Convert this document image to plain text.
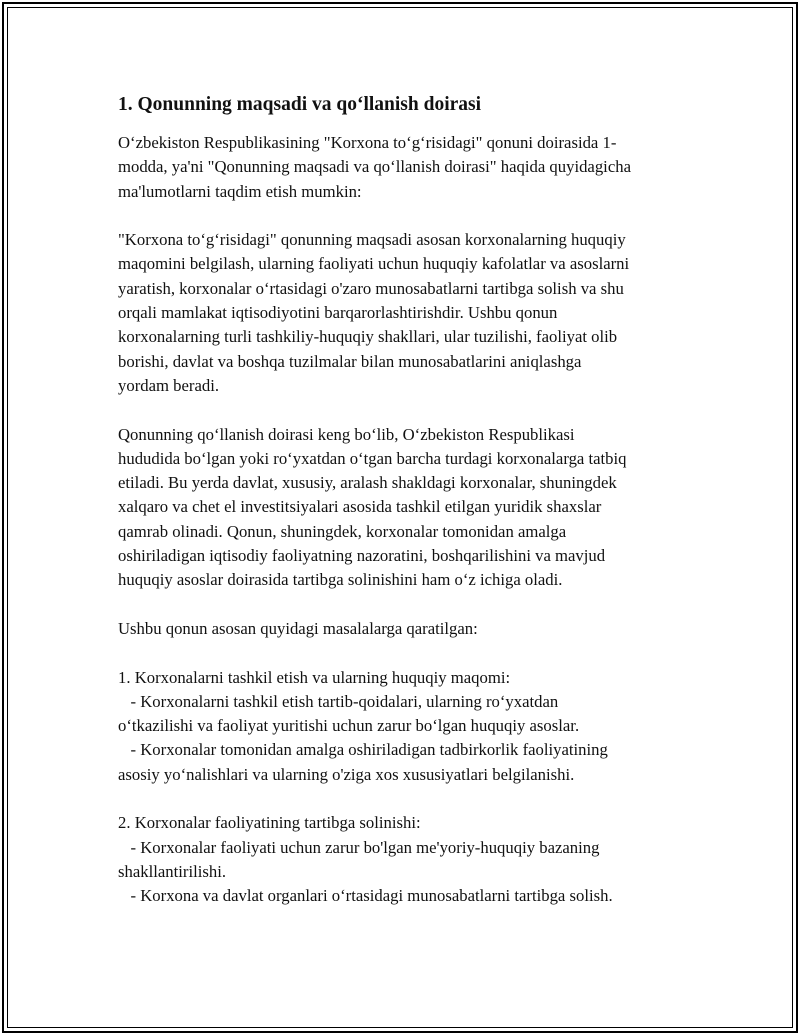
1. Qonunning maqsadi va qo‘llanish doirasi
O‘zbekiston Respublikasining "Korxona to‘g‘risidagi" qonuni doirasida 1-
modda, ya'ni "Qonunning maqsadi va qo‘llanish doirasi" haqida quyidagicha
ma'lumotlarni taqdim etish mumkin:
"Korxona to‘g‘risidagi" qonunning maqsadi asosan korxonalarning huquqiy
maqomini belgilash, ularning faoliyati uchun huquqiy kafolatlar va asoslarni
yaratish, korxonalar o‘rtasidagi o'zaro munosabatlarni tartibga solish va shu
orqali mamlakat iqtisodiyotini barqarorlashtirishdir. Ushbu qonun
korxonalarning turli tashkiliy-huquqiy shakllari, ular tuzilishi, faoliyat olib
borishi, davlat va boshqa tuzilmalar bilan munosabatlarini aniqlashga
yordam beradi.
Qonunning qo‘llanish doirasi keng bo‘lib, O‘zbekiston Respublikasi
hududida bo‘lgan yoki ro‘yxatdan o‘tgan barcha turdagi korxonalarga tatbiq
etiladi. Bu yerda davlat, xususiy, aralash shakldagi korxonalar, shuningdek
xalqaro va chet el investitsiyalari asosida tashkil etilgan yuridik shaxslar
qamrab olinadi. Qonun, shuningdek, korxonalar tomonidan amalga
oshiriladigan iqtisodiy faoliyatning nazoratini, boshqarilishini va mavjud
huquqiy asoslar doirasida tartibga solinishini ham o‘z ichiga oladi.
Ushbu qonun asosan quyidagi masalalarga qaratilgan:
1. Korxonalarni tashkil etish va ularning huquqiy maqomi:
- Korxonalarni tashkil etish tartib-qoidalari, ularning ro‘yxatdan
o‘tkazilishi va faoliyat yuritishi uchun zarur bo‘lgan huquqiy asoslar.
- Korxonalar tomonidan amalga oshiriladigan tadbirkorlik faoliyatining
asosiy yo‘nalishlari va ularning o'ziga xos xususiyatlari belgilanishi.
2. Korxonalar faoliyatining tartibga solinishi:
- Korxonalar faoliyati uchun zarur bo'lgan me'yoriy-huquqiy bazaning
shakllantirilishi.
- Korxona va davlat organlari o‘rtasidagi munosabatlarni tartibga solish.
